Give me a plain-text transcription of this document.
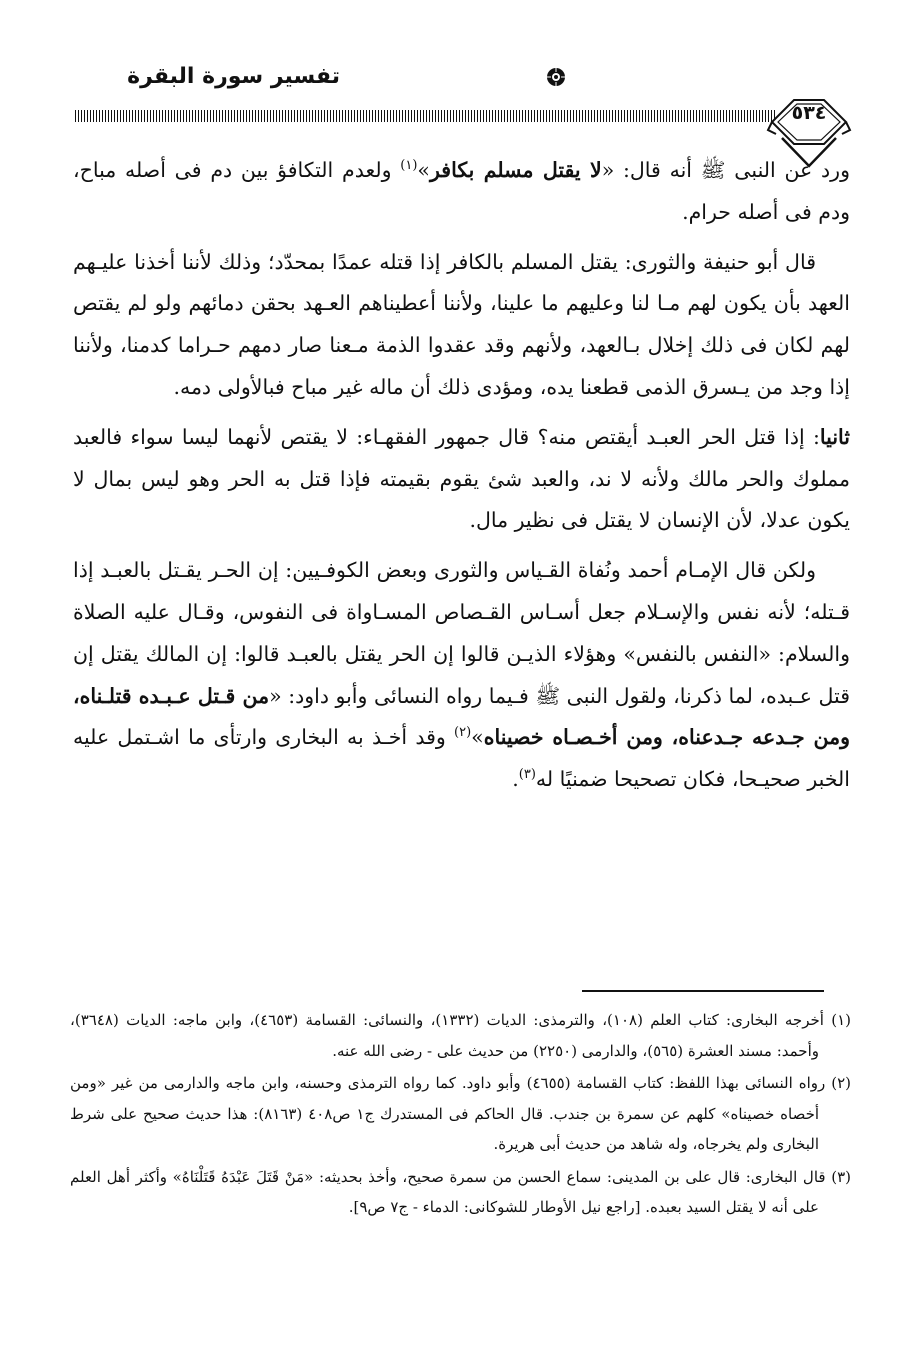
تفسير سورة البقرة
٥٣٤

ورد عن النبى ﷺ أنه قال: «لا يقتل مسلم بكافر»$^{(١)}$ ولعدم التكافؤ بين دم فى أصله مباح، ودم فى أصله حرام.

قال أبو حنيفة والثورى: يقتل المسلم بالكافر إذا قتله عمدًا بمحدّد؛ وذلك لأننا أخذنا عليـهم العهد بأن يكون لهم مـا لنا وعليهم ما علينا، ولأننا أعطيناهم العـهد بحقن دمائهم ولو لم يقتص لهم لكان فى ذلك إخلال بـالعهد، ولأنهم وقد عقدوا الذمة مـعنا صار دمهم حـراما كدمنا، ولأننا إذا وجد من يـسرق الذمى قطعنا يده، ومؤدى ذلك أن ماله غير مباح فبالأولى دمه.

ثانيا: إذا قتل الحر العبـد أيقتص منه؟ قال جمهور الفقهـاء: لا يقتص لأنهما ليسا سواء فالعبد مملوك والحر مالك ولأنه لا ند، والعبد شئ يقوم بقيمته فإذا قتل به الحر وهو ليس بمال لا يكون عدلا، لأن الإنسان لا يقتل فى نظير مال.

ولكن قال الإمـام أحمد ونُفاة القـياس والثورى وبعض الكوفـيين: إن الحـر يقـتل بالعبـد إذا قـتله؛ لأنه نفس والإسـلام جعل أسـاس القـصاص المسـاواة فى النفوس، وقـال عليه الصلاة والسلام: «النفس بالنفس» وهؤلاء الذيـن قالوا إن الحر يقتل بالعبـد قالوا: إن المالك يقتل إن قتل عـبده، لما ذكرنا، ولقول النبى ﷺ فـيما رواه النسائى وأبو داود: «من قـتل عـبـده قتلـناه، ومن جـدعه جـدعناه، ومن أخـصـاه خصيناه»$^{(٢)}$ وقد أخـذ به البخارى وارتأى ما اشـتمل عليه الخبر صحيـحا، فكان تصحيحا ضمنيًا له$^{(٣)}$.

(١) أخرجه البخارى: كتاب العلم (١٠٨)، والترمذى: الديات (١٣٣٢)، والنسائى: القسامة (٤٦٥٣)، وابن ماجه: الديات (٣٦٤٨)، وأحمد: مسند العشرة (٥٦٥)، والدارمى (٢٢٥٠) من حديث على - رضى الله عنه.

(٢) رواه النسائى بهذا اللفظ: كتاب القسامة (٤٦٥٥) وأبو داود. كما رواه الترمذى وحسنه، وابن ماجه والدارمى من غير «ومن أخصاه خصيناه» كلهم عن سمرة بن جندب. قال الحاكم فى المستدرك ج١ ص٤٠٨ (٨١٦٣): هذا حديث صحيح على شرط البخارى ولم يخرجاه، وله شاهد من حديث أبى هريرة.

(٣) قال البخارى: قال على بن المدينى: سماع الحسن من سمرة صحيح، وأخذ بحديثه: «مَنْ قَتَلَ عَبْدَهُ قَتَلْنَاهُ» وأكثر أهل العلم على أنه لا يقتل السيد بعبده. [راجع نيل الأوطار للشوكانى: الدماء - ج٧ ص٩].
